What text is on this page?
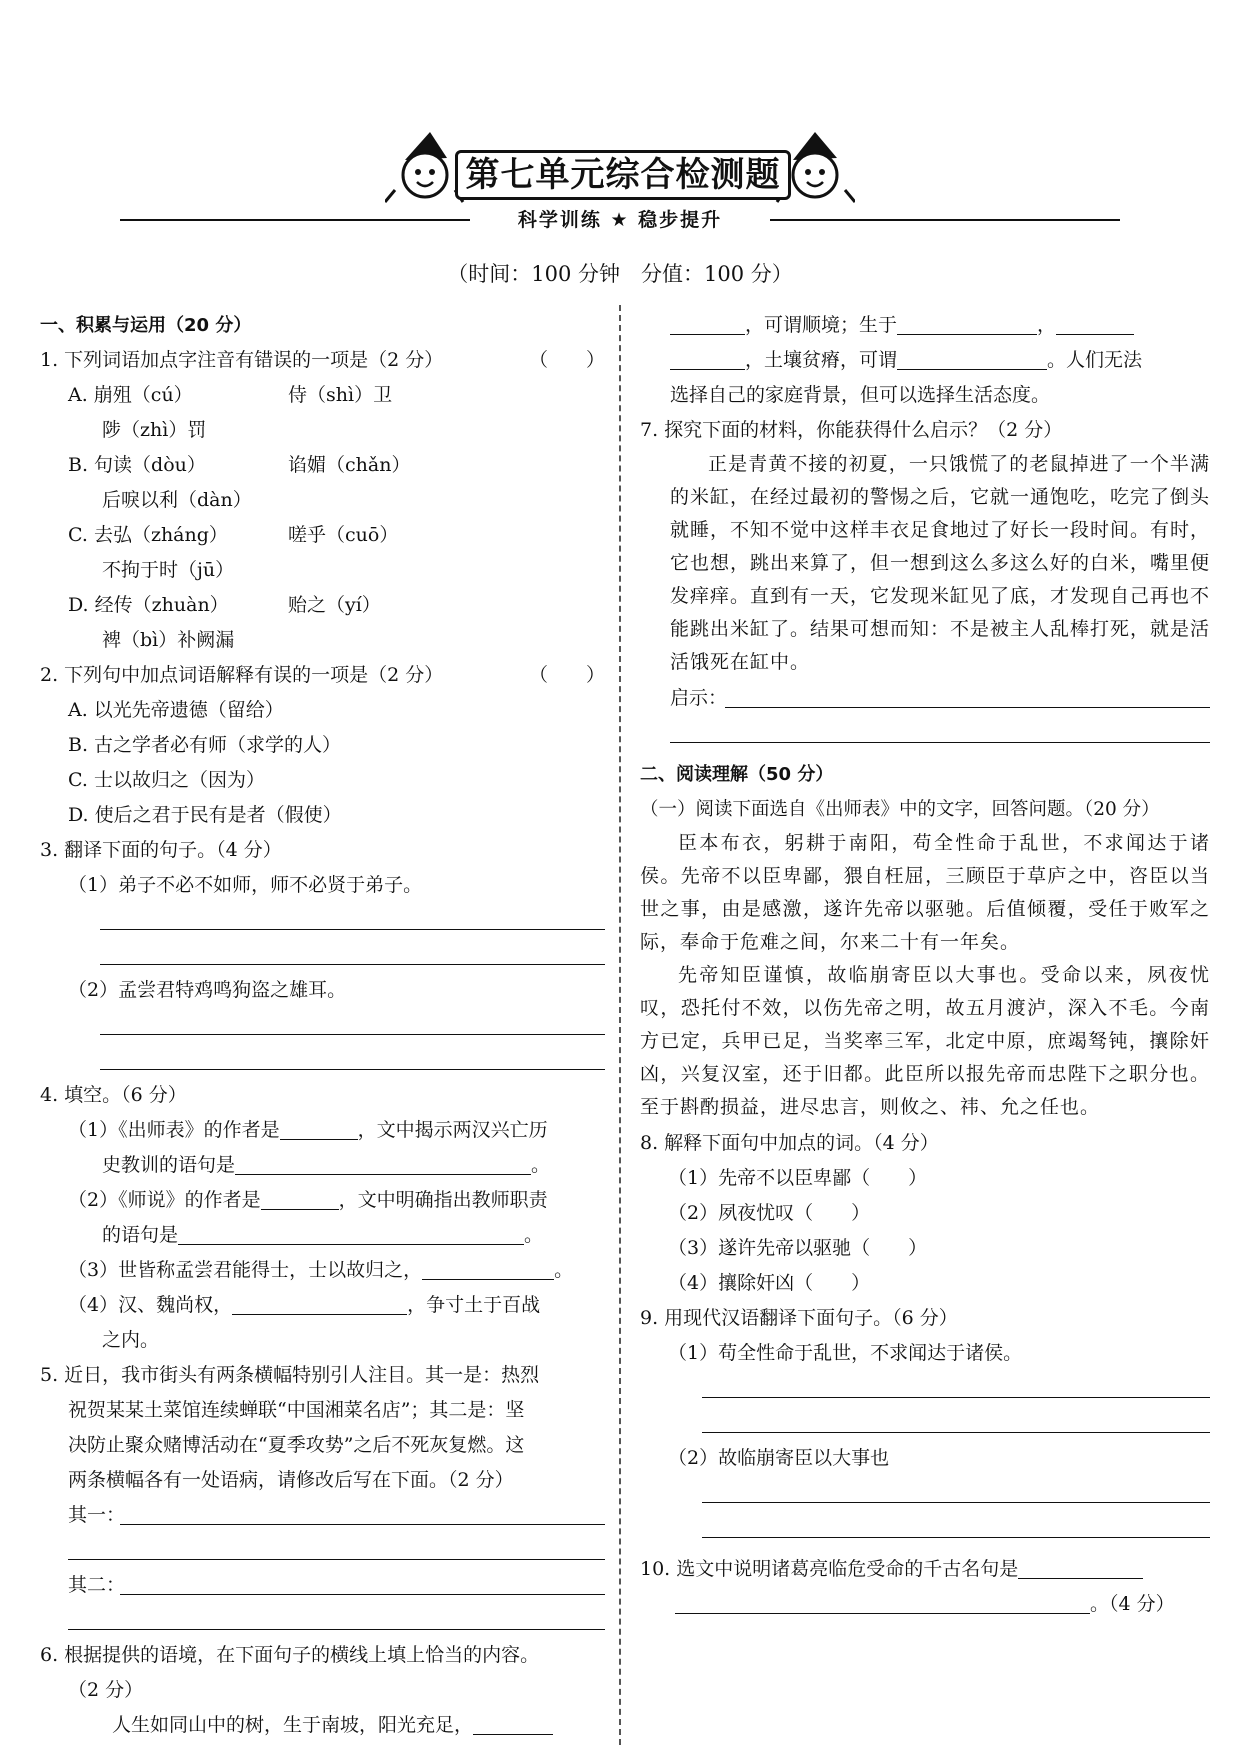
第七单元综合检测题
科学训练 ★ 稳步提升
（时间：100 分钟　分值：100 分）
一、积累与运用（20 分）
1. 下列词语加点字注音有错误的一项是（2 分）	（　　）
A. 崩殂（cú）	侍（shì）卫
陟（zhì）罚
B. 句读（dòu）	谄媚（chǎn）
后唳以利（dàn）
C. 去弘（zháng）	嗟乎（cuō）
不拘于时（jū）
D. 经传（zhuàn）	贻之（yí）
裨（bì）补阙漏
2. 下列句中加点词语解释有误的一项是（2 分）	（　　）
A. 以光先帝遗德（留给）
B. 古之学者必有师（求学的人）
C. 士以故归之（因为）
D. 使后之君于民有是者（假使）
3. 翻译下面的句子。（4 分）
（1）弟子不必不如师，师不必贤于弟子。
（2）孟尝君特鸡鸣狗盗之雄耳。
4. 填空。（6 分）
（1）《出师表》的作者是	，文中揭示两汉兴亡历
史教训的语句是	。
（2）《师说》的作者是	，文中明确指出教师职责
的语句是	。
（3）世皆称孟尝君能得士，士以故归之，	。
（4）汉、魏尚权，	，争寸土于百战
之内。
5. 近日，我市街头有两条横幅特别引人注目。其一是：热烈
祝贺某某土菜馆连续蝉联“中国湘菜名店”；其二是：坚
决防止聚众赌博活动在“夏季攻势”之后不死灰复燃。这
两条横幅各有一处语病，请修改后写在下面。（2 分）
其一：
其二：
6. 根据提供的语境，在下面句子的横线上填上恰当的内容。
（2 分）
人生如同山中的树，生于南坡，阳光充足，
，可谓顺境；生于	，
，土壤贫瘠，可谓	。人们无法
选择自己的家庭背景，但可以选择生活态度。
7. 探究下面的材料，你能获得什么启示？（2 分）

正是青黄不接的初夏，一只饿慌了的老鼠掉进了一个半满的米缸，在经过最初的警惕之后，它就一通饱吃，吃完了倒头就睡，不知不觉中这样丰衣足食地过了好长一段时间。有时，它也想，跳出来算了，但一想到这么多这么好的白米，嘴里便发痒痒。直到有一天，它发现米缸见了底，才发现自己再也不能跳出米缸了。结果可想而知：不是被主人乱棒打死，就是活活饿死在缸中。

启示：
二、阅读理解（50 分）
（一）阅读下面选自《出师表》中的文字，回答问题。（20 分）

臣本布衣，躬耕于南阳，苟全性命于乱世，不求闻达于诸侯。先帝不以臣卑鄙，猥自枉屈，三顾臣于草庐之中，咨臣以当世之事，由是感激，遂许先帝以驱驰。后值倾覆，受任于败军之际，奉命于危难之间，尔来二十有一年矣。

先帝知臣谨慎，故临崩寄臣以大事也。受命以来，夙夜忧叹，恐托付不效，以伤先帝之明，故五月渡泸，深入不毛。今南方已定，兵甲已足，当奖率三军，北定中原，庶竭驽钝，攘除奸凶，兴复汉室，还于旧都。此臣所以报先帝而忠陛下之职分也。至于斟酌损益，进尽忠言，则攸之、祎、允之任也。

8. 解释下面句中加点的词。（4 分）
（1）先帝不以臣卑鄙（　　）
（2）夙夜忧叹（　　）
（3）遂许先帝以驱驰（　　）
（4）攘除奸凶（　　）
9. 用现代汉语翻译下面句子。（6 分）
（1）苟全性命于乱世，不求闻达于诸侯。
（2）故临崩寄臣以大事也
10. 选文中说明诸葛亮临危受命的千古名句是
。（4 分）
